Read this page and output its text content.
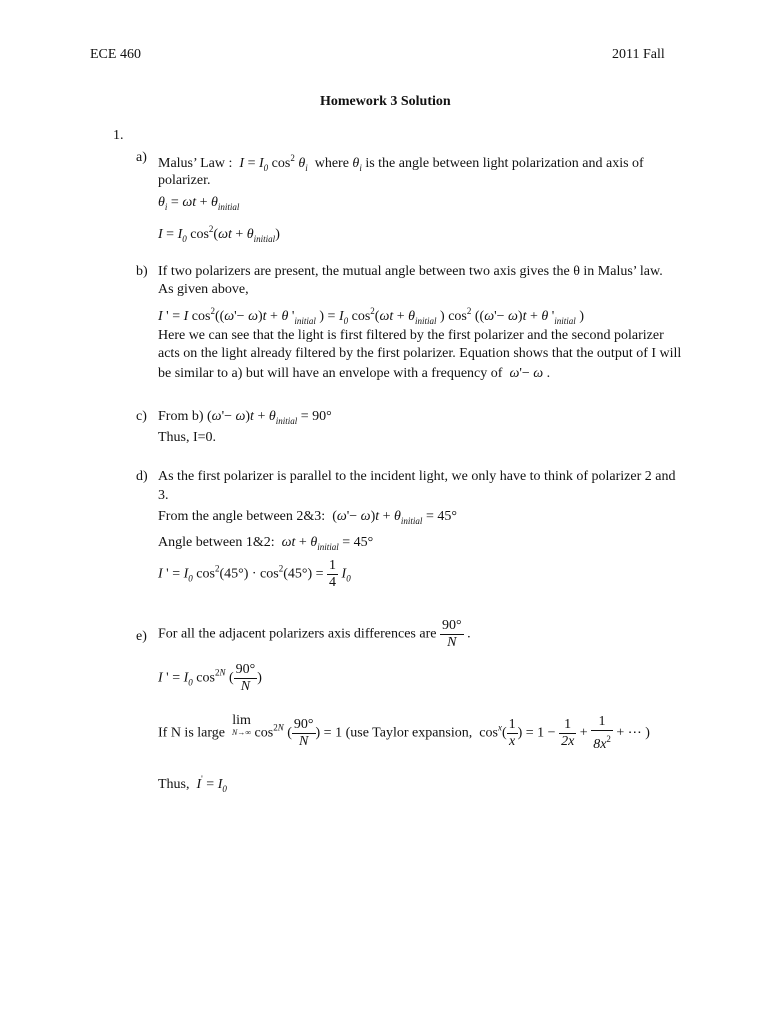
ECE 460	2011 Fall
Homework 3 Solution
1.
a) Malus’ Law :  $I = I_0$ $\cos^2 \theta_i$ where $\theta_i$ is the angle between light polarization and axis of
polarizer.
$\theta_i = \omega t + \theta_{initial}$
$I = I_0$ $\cos^2(\omega t + \theta_{initial})$
b) If two polarizers are present, the mutual angle between two axis gives the θ in Malus’ law.
As given above,
I ' = I $\cos^2((\omega'- \omega)t + \theta$ '$_{initial}$ ) = $I_0$ $\cos^2(\omega t + \theta_{initial}$ ) $\cos^2 ((\omega'- \omega)t + \theta$ '$_{initial}$ )
Here we can see that the light is first filtered by the first polarizer and the second polarizer
acts on the light already filtered by the first polarizer. Equation shows that the output of I will
be similar to a) but will have an envelope with a frequency of  ω'− ω .
c) From b) $(\omega'- \omega)t + \theta_{initial} = 90^\circ$
Thus, I=0.
d) As the first polarizer is parallel to the incident light, we only have to think of polarizer 2 and
3.
From the angle between 2&3:  $(\omega'- \omega)t + \theta_{initial} = 45^\circ$
Angle between 1&2: $\omega t + \theta_{initial} = 45^\circ$
I ' = $I_0$ $\cos^2(45^\circ) \cdot \cos^2(45^\circ) = \frac{1}{4} I_0$
e) For all the adjacent polarizers axis differences are $\frac{90^\circ}{N}$ .
I ' = $I_0$ $\cos^{2N}$ ( $\frac{90^\circ}{N}$ )
If N is large  lim
N→∞ $\cos^{2N}$ ( $\frac{90^\circ}{N}$ ) = 1 (use Taylor expansion,  $\cos^x( \frac{1}{x}$ ) = $1 - \frac{1}{2x} + \frac{1}{8x^2}$ + ⋯ )
Thus, $I' = I_0$
